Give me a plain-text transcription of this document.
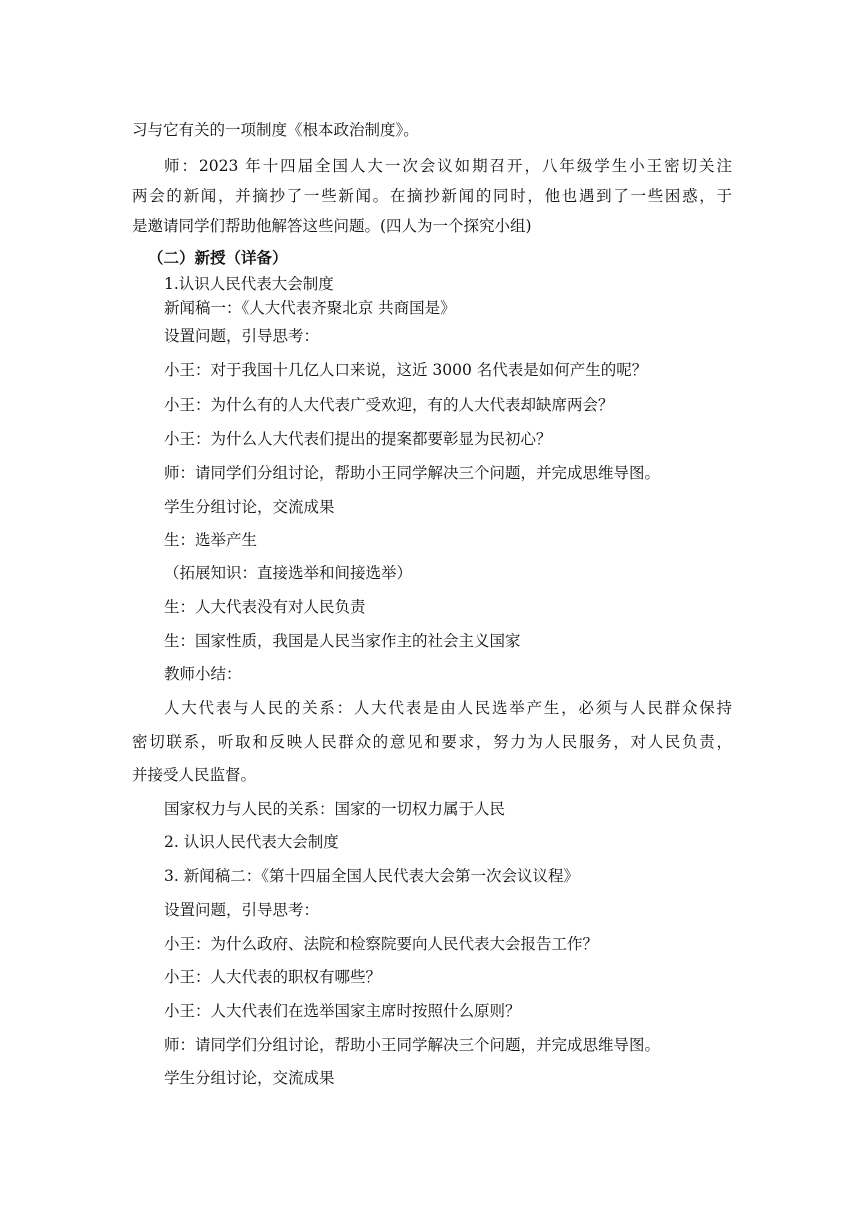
习与它有关的一项制度《根本政治制度》。
师：2023 年十四届全国人大一次会议如期召开，八年级学生小王密切关注
两会的新闻，并摘抄了一些新闻。在摘抄新闻的同时，他也遇到了一些困惑，于
是邀请同学们帮助他解答这些问题。(四人为一个探究小组)
（二）新授（详备）
1.认识人民代表大会制度
新闻稿一：《人大代表齐聚北京 共商国是》
设置问题，引导思考：
小王：对于我国十几亿人口来说，这近 3000 名代表是如何产生的呢？
小王：为什么有的人大代表广受欢迎，有的人大代表却缺席两会？
小王：为什么人大代表们提出的提案都要彰显为民初心？
师：请同学们分组讨论，帮助小王同学解决三个问题，并完成思维导图。
学生分组讨论，交流成果
生：选举产生
（拓展知识：直接选举和间接选举）
生：人大代表没有对人民负责
生：国家性质，我国是人民当家作主的社会主义国家
教师小结：
人大代表与人民的关系：人大代表是由人民选举产生，必须与人民群众保持
密切联系，听取和反映人民群众的意见和要求，努力为人民服务，对人民负责，
并接受人民监督。
国家权力与人民的关系：国家的一切权力属于人民
2. 认识人民代表大会制度
3. 新闻稿二：《第十四届全国人民代表大会第一次会议议程》
设置问题，引导思考：
小王：为什么政府、法院和检察院要向人民代表大会报告工作？
小王：人大代表的职权有哪些？
小王：人大代表们在选举国家主席时按照什么原则？
师：请同学们分组讨论，帮助小王同学解决三个问题，并完成思维导图。
学生分组讨论，交流成果
